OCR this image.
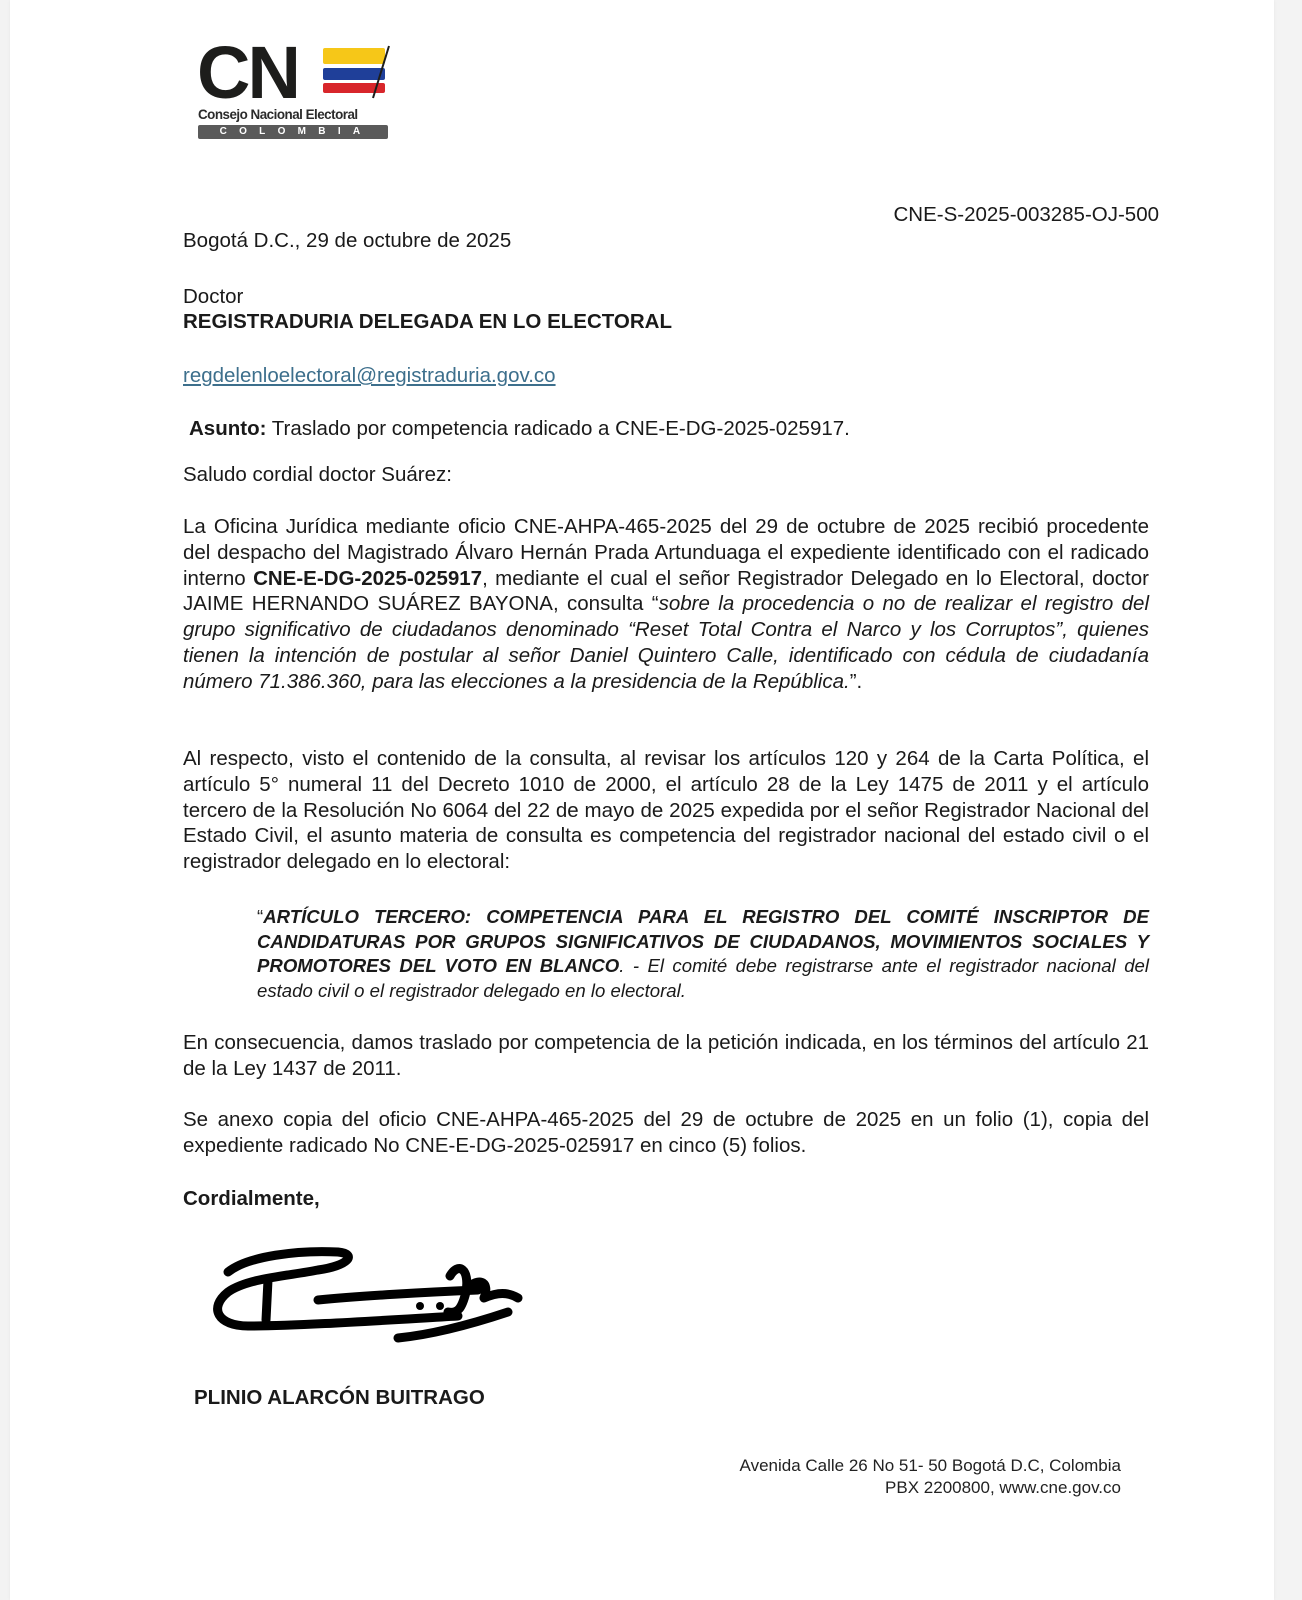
CN
Consejo Nacional Electoral
COLOMBIA
CNE-S-2025-003285-OJ-500
Bogotá D.C., 29 de octubre de 2025
Doctor
REGISTRADURIA DELEGADA EN LO ELECTORAL
regdelenloelectoral@registraduria.gov.co
Asunto: Traslado por competencia radicado a CNE-E-DG-2025-025917.
Saludo cordial doctor Suárez:
La Oficina Jurídica mediante oficio CNE-AHPA-465-2025 del 29 de octubre de 2025 recibió procedente del despacho del Magistrado Álvaro Hernán Prada Artunduaga el expediente identificado con el radicado interno CNE-E-DG-2025-025917, mediante el cual el señor Registrador Delegado en lo Electoral, doctor JAIME HERNANDO SUÁREZ BAYONA, consulta “sobre la procedencia o no de realizar el registro del grupo significativo de ciudadanos denominado “Reset Total Contra el Narco y los Corruptos”, quienes tienen la intención de postular al señor Daniel Quintero Calle, identificado con cédula de ciudadanía número 71.386.360, para las elecciones a la presidencia de la República.”.
Al respecto, visto el contenido de la consulta, al revisar los artículos 120 y 264 de la Carta Política, el artículo 5° numeral 11 del Decreto 1010 de 2000, el artículo 28 de la Ley 1475 de 2011 y el artículo tercero de la Resolución No 6064 del 22 de mayo de 2025 expedida por el señor Registrador Nacional del Estado Civil, el asunto materia de consulta es competencia del registrador nacional del estado civil o el registrador delegado en lo electoral:
“ARTÍCULO TERCERO: COMPETENCIA PARA EL REGISTRO DEL COMITÉ INSCRIPTOR DE CANDIDATURAS POR GRUPOS SIGNIFICATIVOS DE CIUDADANOS, MOVIMIENTOS SOCIALES Y PROMOTORES DEL VOTO EN BLANCO. - El comité debe registrarse ante el registrador nacional del estado civil o el registrador delegado en lo electoral.
En consecuencia, damos traslado por competencia de la petición indicada, en los términos del artículo 21 de la Ley 1437 de 2011.
Se anexo copia del oficio CNE-AHPA-465-2025 del 29 de octubre de 2025 en un folio (1), copia del expediente radicado No CNE-E-DG-2025-025917 en cinco (5) folios.
Cordialmente,
PLINIO ALARCÓN BUITRAGO
Avenida Calle 26 No 51- 50 Bogotá D.C, Colombia
PBX 2200800, www.cne.gov.co
